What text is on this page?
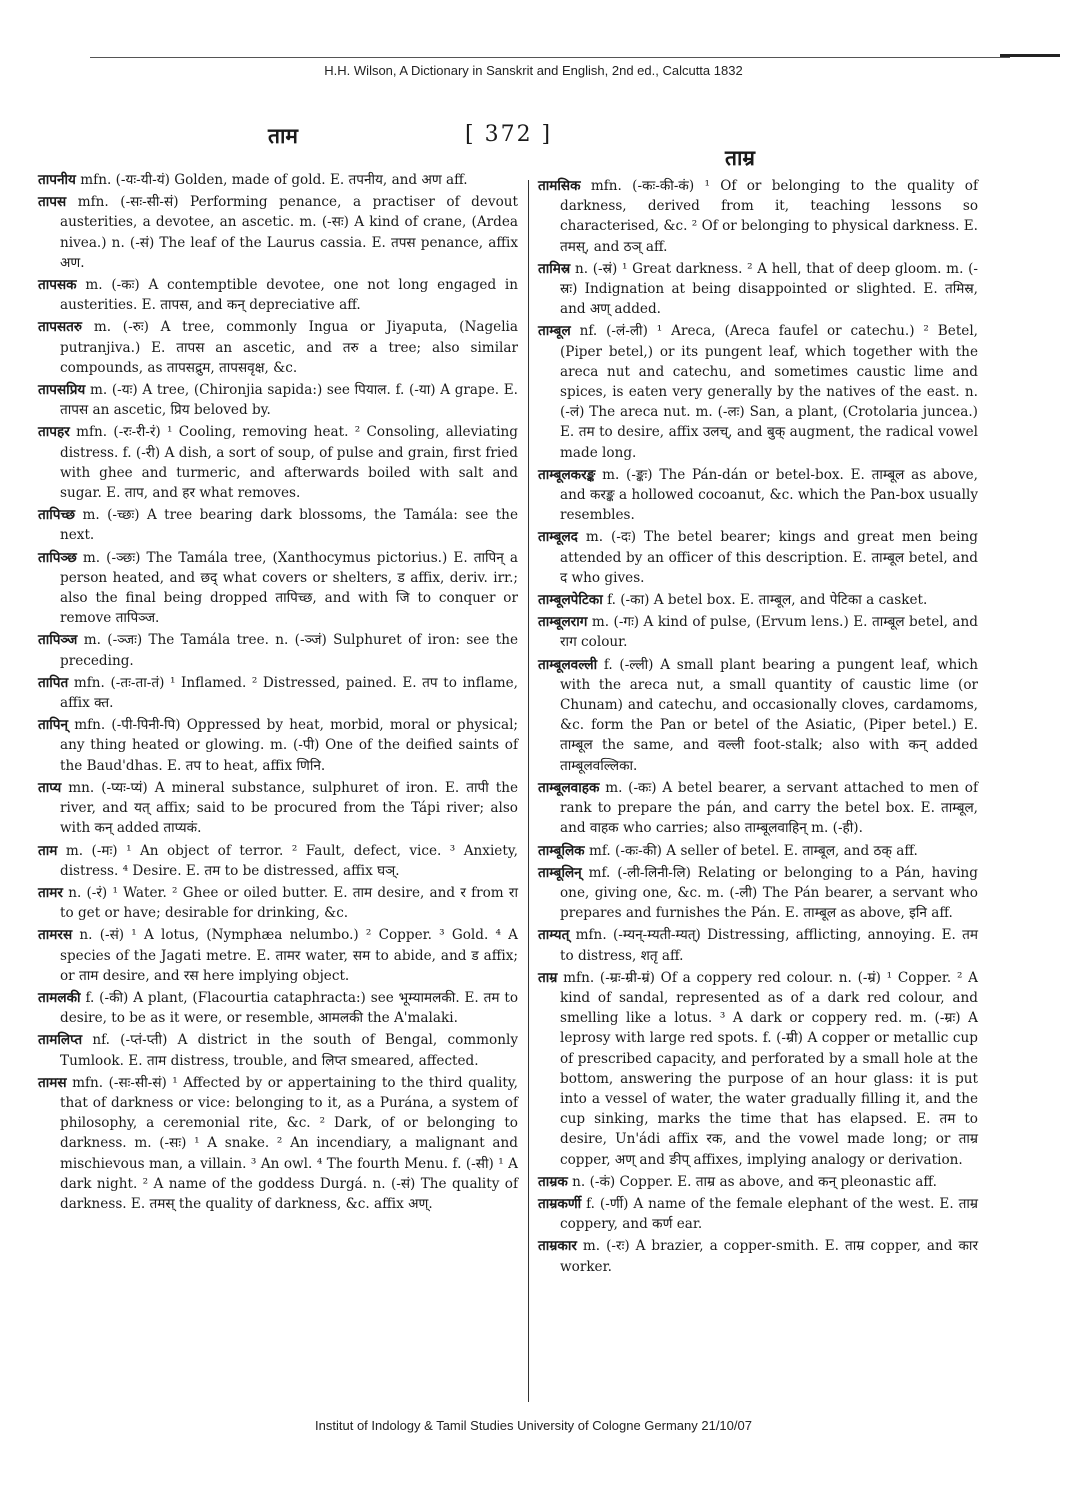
H.H. Wilson, A Dictionary in Sanskrit and English, 2nd ed., Calcutta 1832
ताम	[ 372 ]
ताम्र

तापनीय mfn. (-यः-यी-यं) Golden, made of gold. E. तपनीय, and अण aff.

तापस mfn. (-सः-सी-सं) Performing penance, a practiser of devout austerities, a devotee, an ascetic. m. (-सः) A kind of crane, (Ardea nivea.) n. (-सं) The leaf of the Laurus cassia. E. तपस penance, affix अण.

तापसक m. (-कः) A contemptible devotee, one not long engaged in austerities. E. तापस, and कन् depreciative aff.

तापसतरु m. (-रुः) A tree, commonly Ingua or Jiyaputa, (Nagelia putranjiva.) E. तापस an ascetic, and तरु a tree; also similar compounds, as तापसद्रुम, तापसवृक्ष, &c.

तापसप्रिय m. (-यः) A tree, (Chironjia sapida:) see पियाल. f. (-या) A grape. E. तापस an ascetic, प्रिय beloved by.

तापहर mfn. (-रः-री-रं) ¹ Cooling, removing heat. ² Consoling, alleviating distress. f. (-री) A dish, a sort of soup, of pulse and grain, first fried with ghee and turmeric, and afterwards boiled with salt and sugar. E. ताप, and हर what removes.

तापिच्छ m. (-च्छः) A tree bearing dark blossoms, the Tamála: see the next.

तापिञ्छ m. (-ञ्छः) The Tamála tree, (Xanthocymus pictorius.) E. तापिन् a person heated, and छद् what covers or shelters, ड affix, deriv. irr.; also the final being dropped तापिच्छ, and with जि to conquer or remove तापिञ्ज.

तापिञ्ज m. (-ञ्जः) The Tamála tree. n. (-ञ्जं) Sulphuret of iron: see the preceding.

तापित mfn. (-तः-ता-तं) ¹ Inflamed. ² Distressed, pained. E. तप to inflame, affix क्त.

तापिन् mfn. (-पी-पिनी-पि) Oppressed by heat, morbid, moral or physical; any thing heated or glowing. m. (-पी) One of the deified saints of the Baud'dhas. E. तप to heat, affix णिनि.

ताप्य mn. (-प्यः-प्यं) A mineral substance, sulphuret of iron. E. तापी the river, and यत् affix; said to be procured from the Tápi river; also with कन् added ताप्यकं.

ताम m. (-मः) ¹ An object of terror. ² Fault, defect, vice. ³ Anxiety, distress. ⁴ Desire. E. तम to be distressed, affix घञ्.

तामर n. (-रं) ¹ Water. ² Ghee or oiled butter. E. ताम desire, and र from रा to get or have; desirable for drinking, &c.

तामरस n. (-सं) ¹ A lotus, (Nymphæa nelumbo.) ² Copper. ³ Gold. ⁴ A species of the Jagati metre. E. तामर water, सम to abide, and ड affix; or ताम desire, and रस here implying object.

तामलकी f. (-की) A plant, (Flacourtia cataphracta:) see भूम्यामलकी. E. तम to desire, to be as it were, or resemble, आमलकी the A'malaki.

तामलिप्त nf. (-प्तं-प्ती) A district in the south of Bengal, commonly Tumlook. E. ताम distress, trouble, and लिप्त smeared, affected.

तामस mfn. (-सः-सी-सं) ¹ Affected by or appertaining to the third quality, that of darkness or vice: belonging to it, as a Purána, a system of philosophy, a ceremonial rite, &c. ² Dark, of or belonging to darkness. m. (-सः) ¹ A snake. ² An incendiary, a malignant and mischievous man, a villain. ³ An owl. ⁴ The fourth Menu. f. (-सी) ¹ A dark night. ² A name of the goddess Durgá. n. (-सं) The quality of darkness. E. तमस् the quality of darkness, &c. affix अण्.

तामसिक mfn. (-कः-की-कं) ¹ Of or belonging to the quality of darkness, derived from it, teaching lessons so characterised, &c. ² Of or belonging to physical darkness. E. तमस्, and ठञ् aff.

तामिस्र n. (-स्रं) ¹ Great darkness. ² A hell, that of deep gloom. m. (-स्रः) Indignation at being disappointed or slighted. E. तमिस्र, and अण् added.

ताम्बूल nf. (-लं-ली) ¹ Areca, (Areca faufel or catechu.) ² Betel, (Piper betel,) or its pungent leaf, which together with the areca nut and catechu, and sometimes caustic lime and spices, is eaten very generally by the natives of the east. n. (-लं) The areca nut. m. (-लः) San, a plant, (Crotolaria juncea.) E. तम to desire, affix उलच्, and बुक् augment, the radical vowel made long.

ताम्बूलकरङ्क m. (-ङ्कः) The Pán-dán or betel-box. E. ताम्बूल as above, and करङ्क a hollowed cocoanut, &c. which the Pan-box usually resembles.

ताम्बूलद m. (-दः) The betel bearer; kings and great men being attended by an officer of this description. E. ताम्बूल betel, and द who gives.

ताम्बूलपेटिका f. (-का) A betel box. E. ताम्बूल, and पेटिका a casket.

ताम्बूलराग m. (-गः) A kind of pulse, (Ervum lens.) E. ताम्बूल betel, and राग colour.

ताम्बूलवल्ली f. (-ल्ली) A small plant bearing a pungent leaf, which with the areca nut, a small quantity of caustic lime (or Chunam) and catechu, and occasionally cloves, cardamoms, &c. form the Pan or betel of the Asiatic, (Piper betel.) E. ताम्बूल the same, and वल्ली foot-stalk; also with कन् added ताम्बूलवल्लिका.

ताम्बूलवाहक m. (-कः) A betel bearer, a servant attached to men of rank to prepare the pán, and carry the betel box. E. ताम्बूल, and वाहक who carries; also ताम्बूलवाहिन् m. (-ही).

ताम्बूलिक mf. (-कः-की) A seller of betel. E. ताम्बूल, and ठक् aff.

ताम्बूलिन् mf. (-ली-लिनी-लि) Relating or belonging to a Pán, having one, giving one, &c. m. (-ली) The Pán bearer, a servant who prepares and furnishes the Pán. E. ताम्बूल as above, इनि aff.

ताम्यत् mfn. (-म्यन्-म्यती-म्यत्) Distressing, afflicting, annoying. E. तम to distress, शतृ aff.

ताम्र mfn. (-म्रः-म्री-म्रं) Of a coppery red colour. n. (-म्रं) ¹ Copper. ² A kind of sandal, represented as of a dark red colour, and smelling like a lotus. ³ A dark or coppery red. m. (-म्रः) A leprosy with large red spots. f. (-म्री) A copper or metallic cup of prescribed capacity, and perforated by a small hole at the bottom, answering the purpose of an hour glass: it is put into a vessel of water, the water gradually filling it, and the cup sinking, marks the time that has elapsed. E. तम to desire, Un'ádi affix रक, and the vowel made long; or ताम्र copper, अण् and ङीप् affixes, implying analogy or derivation.

ताम्रक n. (-कं) Copper. E. ताम्र as above, and कन् pleonastic aff.

ताम्रकर्णी f. (-र्णी) A name of the female elephant of the west. E. ताम्र coppery, and कर्ण ear.

ताम्रकार m. (-रः) A brazier, a copper-smith. E. ताम्र copper, and कार worker.

Institut of Indology & Tamil Studies University of Cologne Germany 21/10/07
